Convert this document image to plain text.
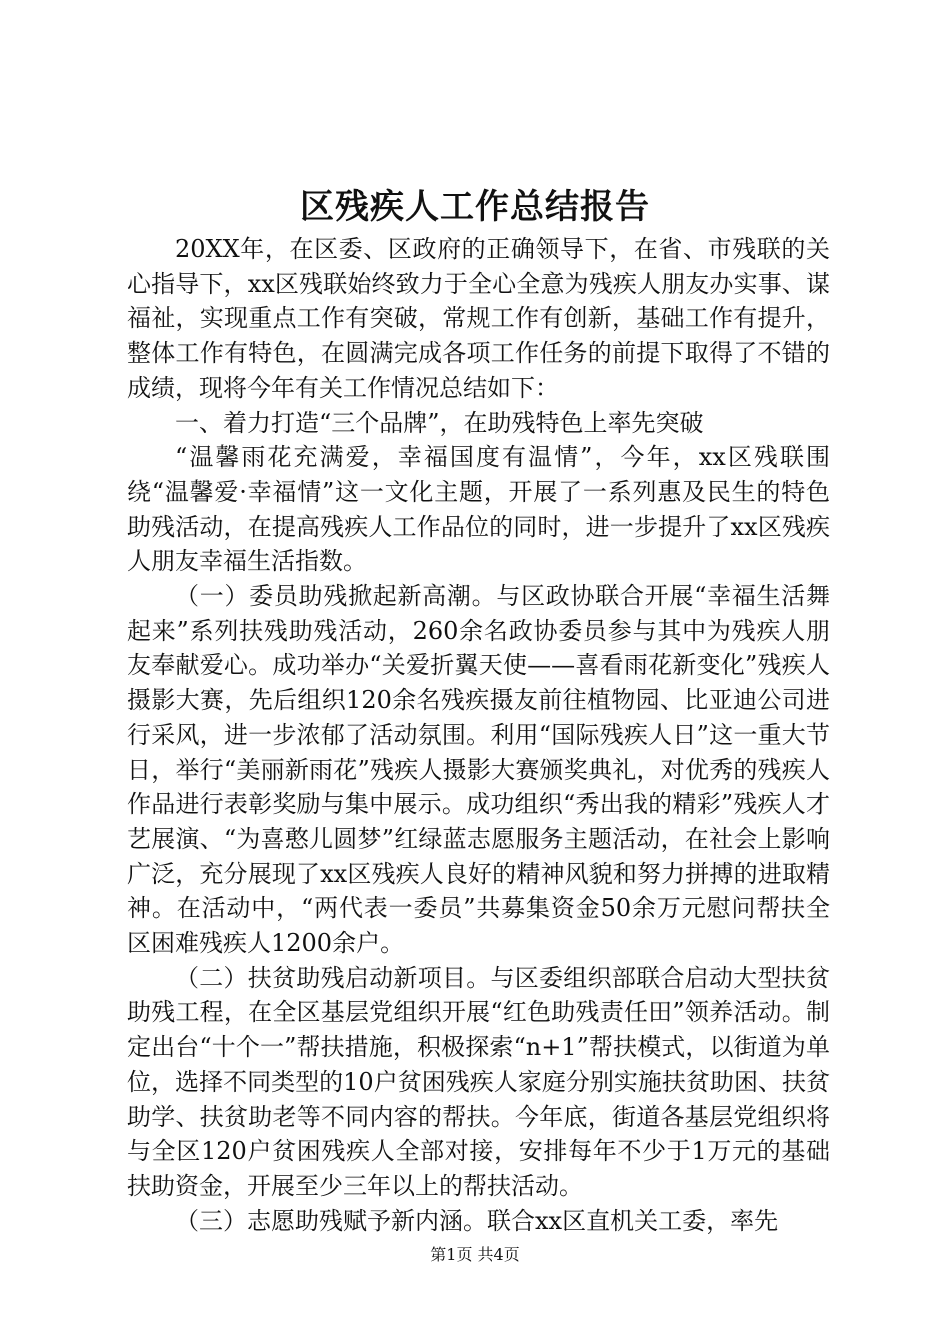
区残疾人工作总结报告

20XX年，在区委、区政府的正确领导下，在省、市残联的关心指导下，xx区残联始终致力于全心全意为残疾人朋友办实事、谋福祉，实现重点工作有突破，常规工作有创新，基础工作有提升，整体工作有特色，在圆满完成各项工作任务的前提下取得了不错的成绩，现将今年有关工作情况总结如下：

一、着力打造“三个品牌”，在助残特色上率先突破

“温馨雨花充满爱，幸福国度有温情”，今年，xx区残联围绕“温馨爱·幸福情”这一文化主题，开展了一系列惠及民生的特色助残活动，在提高残疾人工作品位的同时，进一步提升了xx区残疾人朋友幸福生活指数。

（一）委员助残掀起新高潮。与区政协联合开展“幸福生活舞起来”系列扶残助残活动，260余名政协委员参与其中为残疾人朋友奉献爱心。成功举办“关爱折翼天使——喜看雨花新变化”残疾人摄影大赛，先后组织120余名残疾摄友前往植物园、比亚迪公司进行采风，进一步浓郁了活动氛围。利用“国际残疾人日”这一重大节日，举行“美丽新雨花”残疾人摄影大赛颁奖典礼，对优秀的残疾人作品进行表彰奖励与集中展示。成功组织“秀出我的精彩”残疾人才艺展演、“为喜憨儿圆梦”红绿蓝志愿服务主题活动，在社会上影响广泛，充分展现了xx区残疾人良好的精神风貌和努力拼搏的进取精神。在活动中，“两代表一委员”共募集资金50余万元慰问帮扶全区困难残疾人1200余户。

（二）扶贫助残启动新项目。与区委组织部联合启动大型扶贫助残工程，在全区基层党组织开展“红色助残责任田”领养活动。制定出台“十个一”帮扶措施，积极探索“n+1”帮扶模式，以街道为单位，选择不同类型的10户贫困残疾人家庭分别实施扶贫助困、扶贫助学、扶贫助老等不同内容的帮扶。今年底，街道各基层党组织将与全区120户贫困残疾人全部对接，安排每年不少于1万元的基础扶助资金，开展至少三年以上的帮扶活动。

（三）志愿助残赋予新内涵。联合xx区直机关工委，率先

第1页 共4页
